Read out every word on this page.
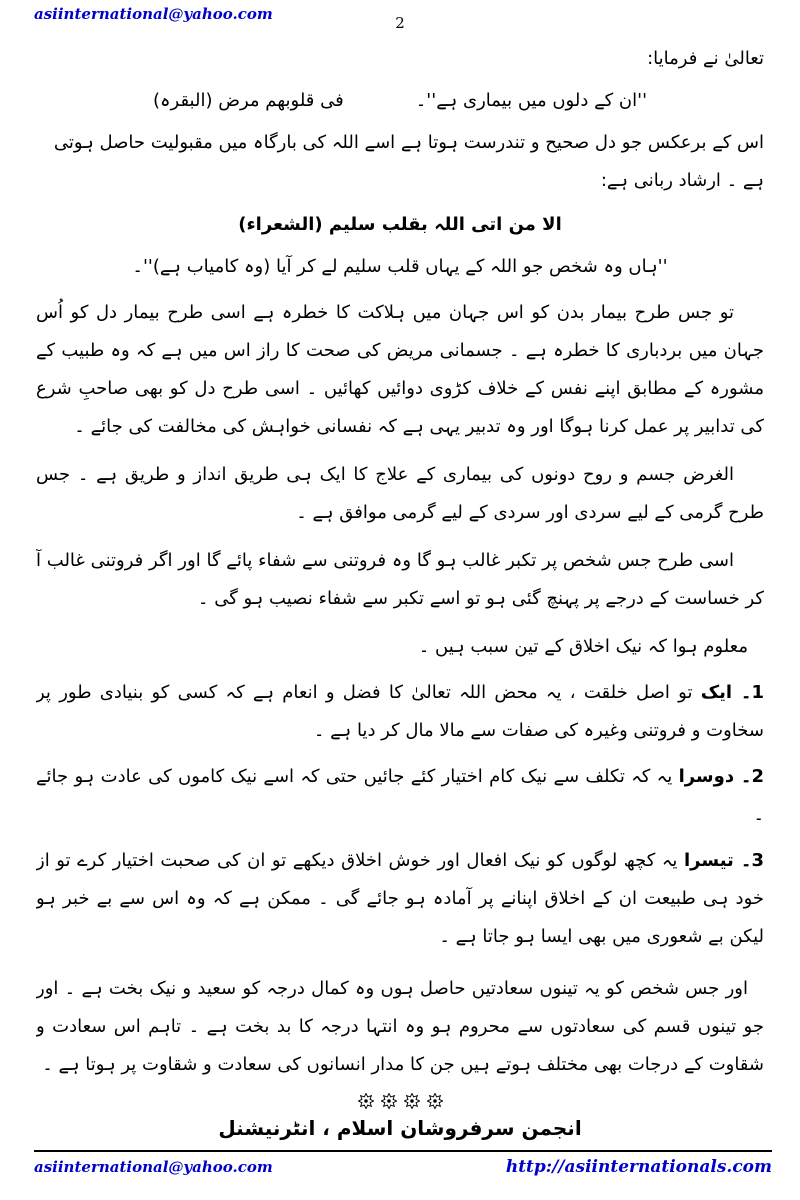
asiinternational@yahoo.com	2

تعالیٰ نے فرمایا:

فی قلوبهم مرض (البقرہ)	''ان کے دلوں میں بیماری ہے''۔

اس کے برعکس جو دل صحیح و تندرست ہوتا ہے اسے اللہ کی بارگاہ میں مقبولیت حاصل ہوتی ہے ۔ ارشاد ربانی ہے:

الا من اتی اللہ بقلب سلیم (الشعراء)

''ہاں وہ شخص جو اللہ کے یہاں قلب سلیم لے کر آیا (وہ کامیاب ہے)''۔

تو جس طرح بیمار بدن کو اس جہان میں ہلاکت کا خطرہ ہے اسی طرح بیمار دل کو اُس جہان میں بردباری کا خطرہ ہے ۔ جسمانی مریض کی صحت کا راز اس میں ہے کہ وہ طبیب کے مشورہ کے مطابق اپنے نفس کے خلاف کڑوی دوائیں کھائیں ۔ اسی طرح دل کو بھی صاحبِ شرع کی تدابیر پر عمل کرنا ہوگا اور وہ تدبیر یہی ہے کہ نفسانی خواہش کی مخالفت کی جائے ۔

الغرض جسم و روح دونوں کی بیماری کے علاج کا ایک ہی طریق انداز و طریق ہے ۔ جس طرح گرمی کے لیے سردی اور سردی کے لیے گرمی موافق ہے ۔

اسی طرح جس شخص پر تکبر غالب ہو گا وہ فروتنی سے شفاء پائے گا اور اگر فروتنی غالب آ کر خساست کے درجے پر پہنچ گئی ہو تو اسے تکبر سے شفاء نصیب ہو گی ۔

معلوم ہوا کہ نیک اخلاق کے تین سبب ہیں ۔

1۔ ایک تو اصل خلقت ، یہ محض اللہ تعالیٰ کا فضل و انعام ہے کہ کسی کو بنیادی طور پر سخاوت و فروتنی وغیرہ کی صفات سے مالا مال کر دیا ہے ۔

2۔ دوسرا یہ کہ تکلف سے نیک کام اختیار کئے جائیں حتی کہ اسے نیک کاموں کی عادت ہو جائے ۔

3۔ تیسرا یہ کچھ لوگوں کو نیک افعال اور خوش اخلاق دیکھے تو ان کی صحبت اختیار کرے تو از خود ہی طبیعت ان کے اخلاق اپنانے پر آمادہ ہو جائے گی ۔ ممکن ہے کہ وہ اس سے بے خبر ہو لیکن بے شعوری میں بھی ایسا ہو جاتا ہے ۔

اور جس شخص کو یہ تینوں سعادتیں حاصل ہوں وہ کمال درجہ کو سعید و نیک بخت ہے ۔ اور جو تینوں قسم کی سعادتوں سے محروم ہو وہ انتہا درجہ کا بد بخت ہے ۔ تاہم اس سعادت و شقاوت کے درجات بھی مختلف ہوتے ہیں جن کا مدار انسانوں کی سعادت و شقاوت پر ہوتا ہے ۔

انجمن سرفروشان اسلام ، انٹرنیشنل
asiinternational@yahoo.com	http://asiinternationals.com
